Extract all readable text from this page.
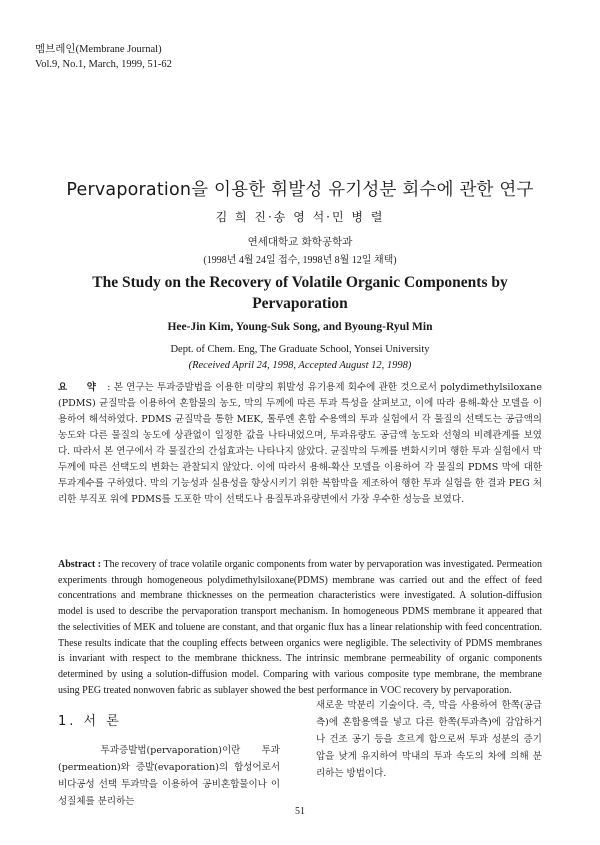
멤브레인(Membrane Journal)
Vol.9, No.1, March, 1999, 51-62
Pervaporation을 이용한 휘발성 유기성분 회수에 관한 연구
김 희 진·송 영 석·민 병 렬
연세대학교 화학공학과
(1998년 4월 24일 접수, 1998년 8월 12일 채택)
The Study on the Recovery of Volatile Organic Components by Pervaporation
Hee-Jin Kim, Young-Suk Song, and Byoung-Ryul Min
Dept. of Chem. Eng, The Graduate School, Yonsei University
(Received April 24, 1998, Accepted August 12, 1998)
요 약 : 본 연구는 투과증발법을 이용한 미량의 휘발성 유기용제 회수에 관한 것으로서 polydimethylsiloxane (PDMS) 균질막을 이용하여 혼합물의 농도, 막의 두께에 따른 투과 특성을 살펴보고, 이에 따라 용해-확산 모델을 이용하여 해석하였다. PDMS 균질막을 통한 MEK, 톨루엔 혼합 수용액의 투과 실험에서 각 물질의 선택도는 공급액의 농도와 다른 물질의 농도에 상관없이 일정한 값을 나타내었으며, 투과유량도 공급액 농도와 선형의 비례관계를 보였다. 따라서 본 연구에서 각 물질간의 간섭효과는 나타나지 않았다. 균질막의 두께를 변화시키며 행한 투과 실험에서 막 두께에 따른 선택도의 변화는 관찰되지 않았다. 이에 따라서 용해-확산 모델을 이용하여 각 물질의 PDMS 막에 대한 투과계수를 구하였다. 막의 기능성과 실용성을 향상시키기 위한 복합막을 제조하여 행한 투과 실험을 한 결과 PEG 처리한 부직포 위에 PDMS를 도포한 막이 선택도나 용질투과유량면에서 가장 우수한 성능을 보였다.
Abstract : The recovery of trace volatile organic components from water by pervaporation was investigated. Permeation experiments through homogeneous polydimethylsiloxane(PDMS) membrane was carried out and the effect of feed concentrations and membrane thicknesses on the permeation characteristics were investigated. A solution-diffusion model is used to describe the pervaporation transport mechanism. In homogeneous PDMS membrane it appeared that the selectivities of MEK and toluene are constant, and that organic flux has a linear relationship with feed concentration. These results indicate that the coupling effects between organics were negligible. The selectivity of PDMS membranes is invariant with respect to the membrane thickness. The intrinsic membrane permeability of organic components determined by using a solution-diffusion model. Comparing with various composite type membrane, the membrane using PEG treated nonwoven fabric as sublayer showed the best performance in VOC recovery by pervaporation.
1. 서 론
투과증발법(pervaporation)이란 투과(permeation)와 증발(evaporation)의 합성어로서 비다공성 선택 투과막을 이용하여 공비혼합물이나 이성질체를 분리하는
새로운 막분리 기술이다. 즉, 막을 사용하여 한쪽(공급측)에 혼합용액을 넣고 다른 한쪽(투과측)에 감압하거나 건조 공기 등을 흐르게 함으로써 투과 성분의 증기압을 낮게 유지하여 막내의 투과 속도의 차에 의해 분리하는 방법이다.
51
